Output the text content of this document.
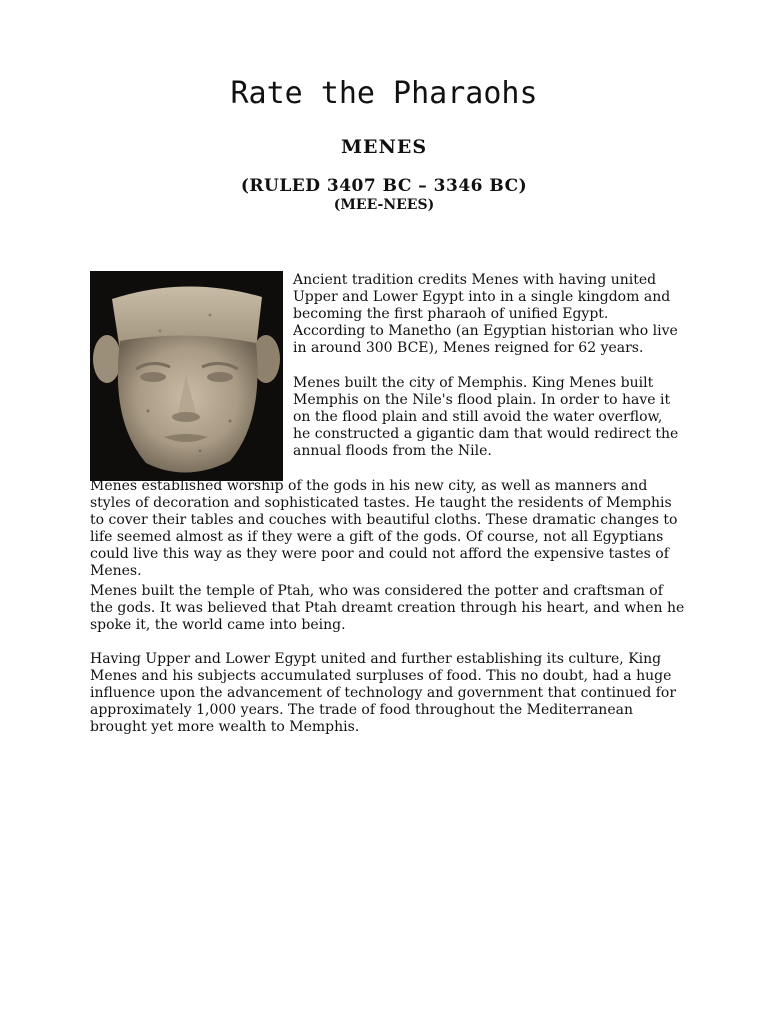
Rate the Pharaohs
MENES
(RULED 3407 BC – 3346 BC)
(MEE-NEES)

Ancient tradition credits Menes with having united Upper and Lower Egypt into in a single kingdom and becoming the first pharaoh of unified Egypt. According to Manetho (an Egyptian historian who live in around 300 BCE), Menes reigned for 62 years.

Menes built the city of Memphis. King Menes built Memphis on the Nile's flood plain. In order to have it on the flood plain and still avoid the water overflow, he constructed a gigantic dam that would redirect the annual floods from the Nile.

Menes established worship of the gods in his new city, as well as manners and styles of decoration and sophisticated tastes. He taught the residents of Memphis to cover their tables and couches with beautiful cloths. These dramatic changes to life seemed almost as if they were a gift of the gods. Of course, not all Egyptians could live this way as they were poor and could not afford the expensive tastes of Menes.

Menes built the temple of Ptah, who was considered the potter and craftsman of the gods. It was believed that Ptah dreamt creation through his heart, and when he spoke it, the world came into being.

Having Upper and Lower Egypt united and further establishing its culture, King Menes and his subjects accumulated surpluses of food. This no doubt, had a huge influence upon the advancement of technology and government that continued for approximately 1,000 years. The trade of food throughout the Mediterranean brought yet more wealth to Memphis.
